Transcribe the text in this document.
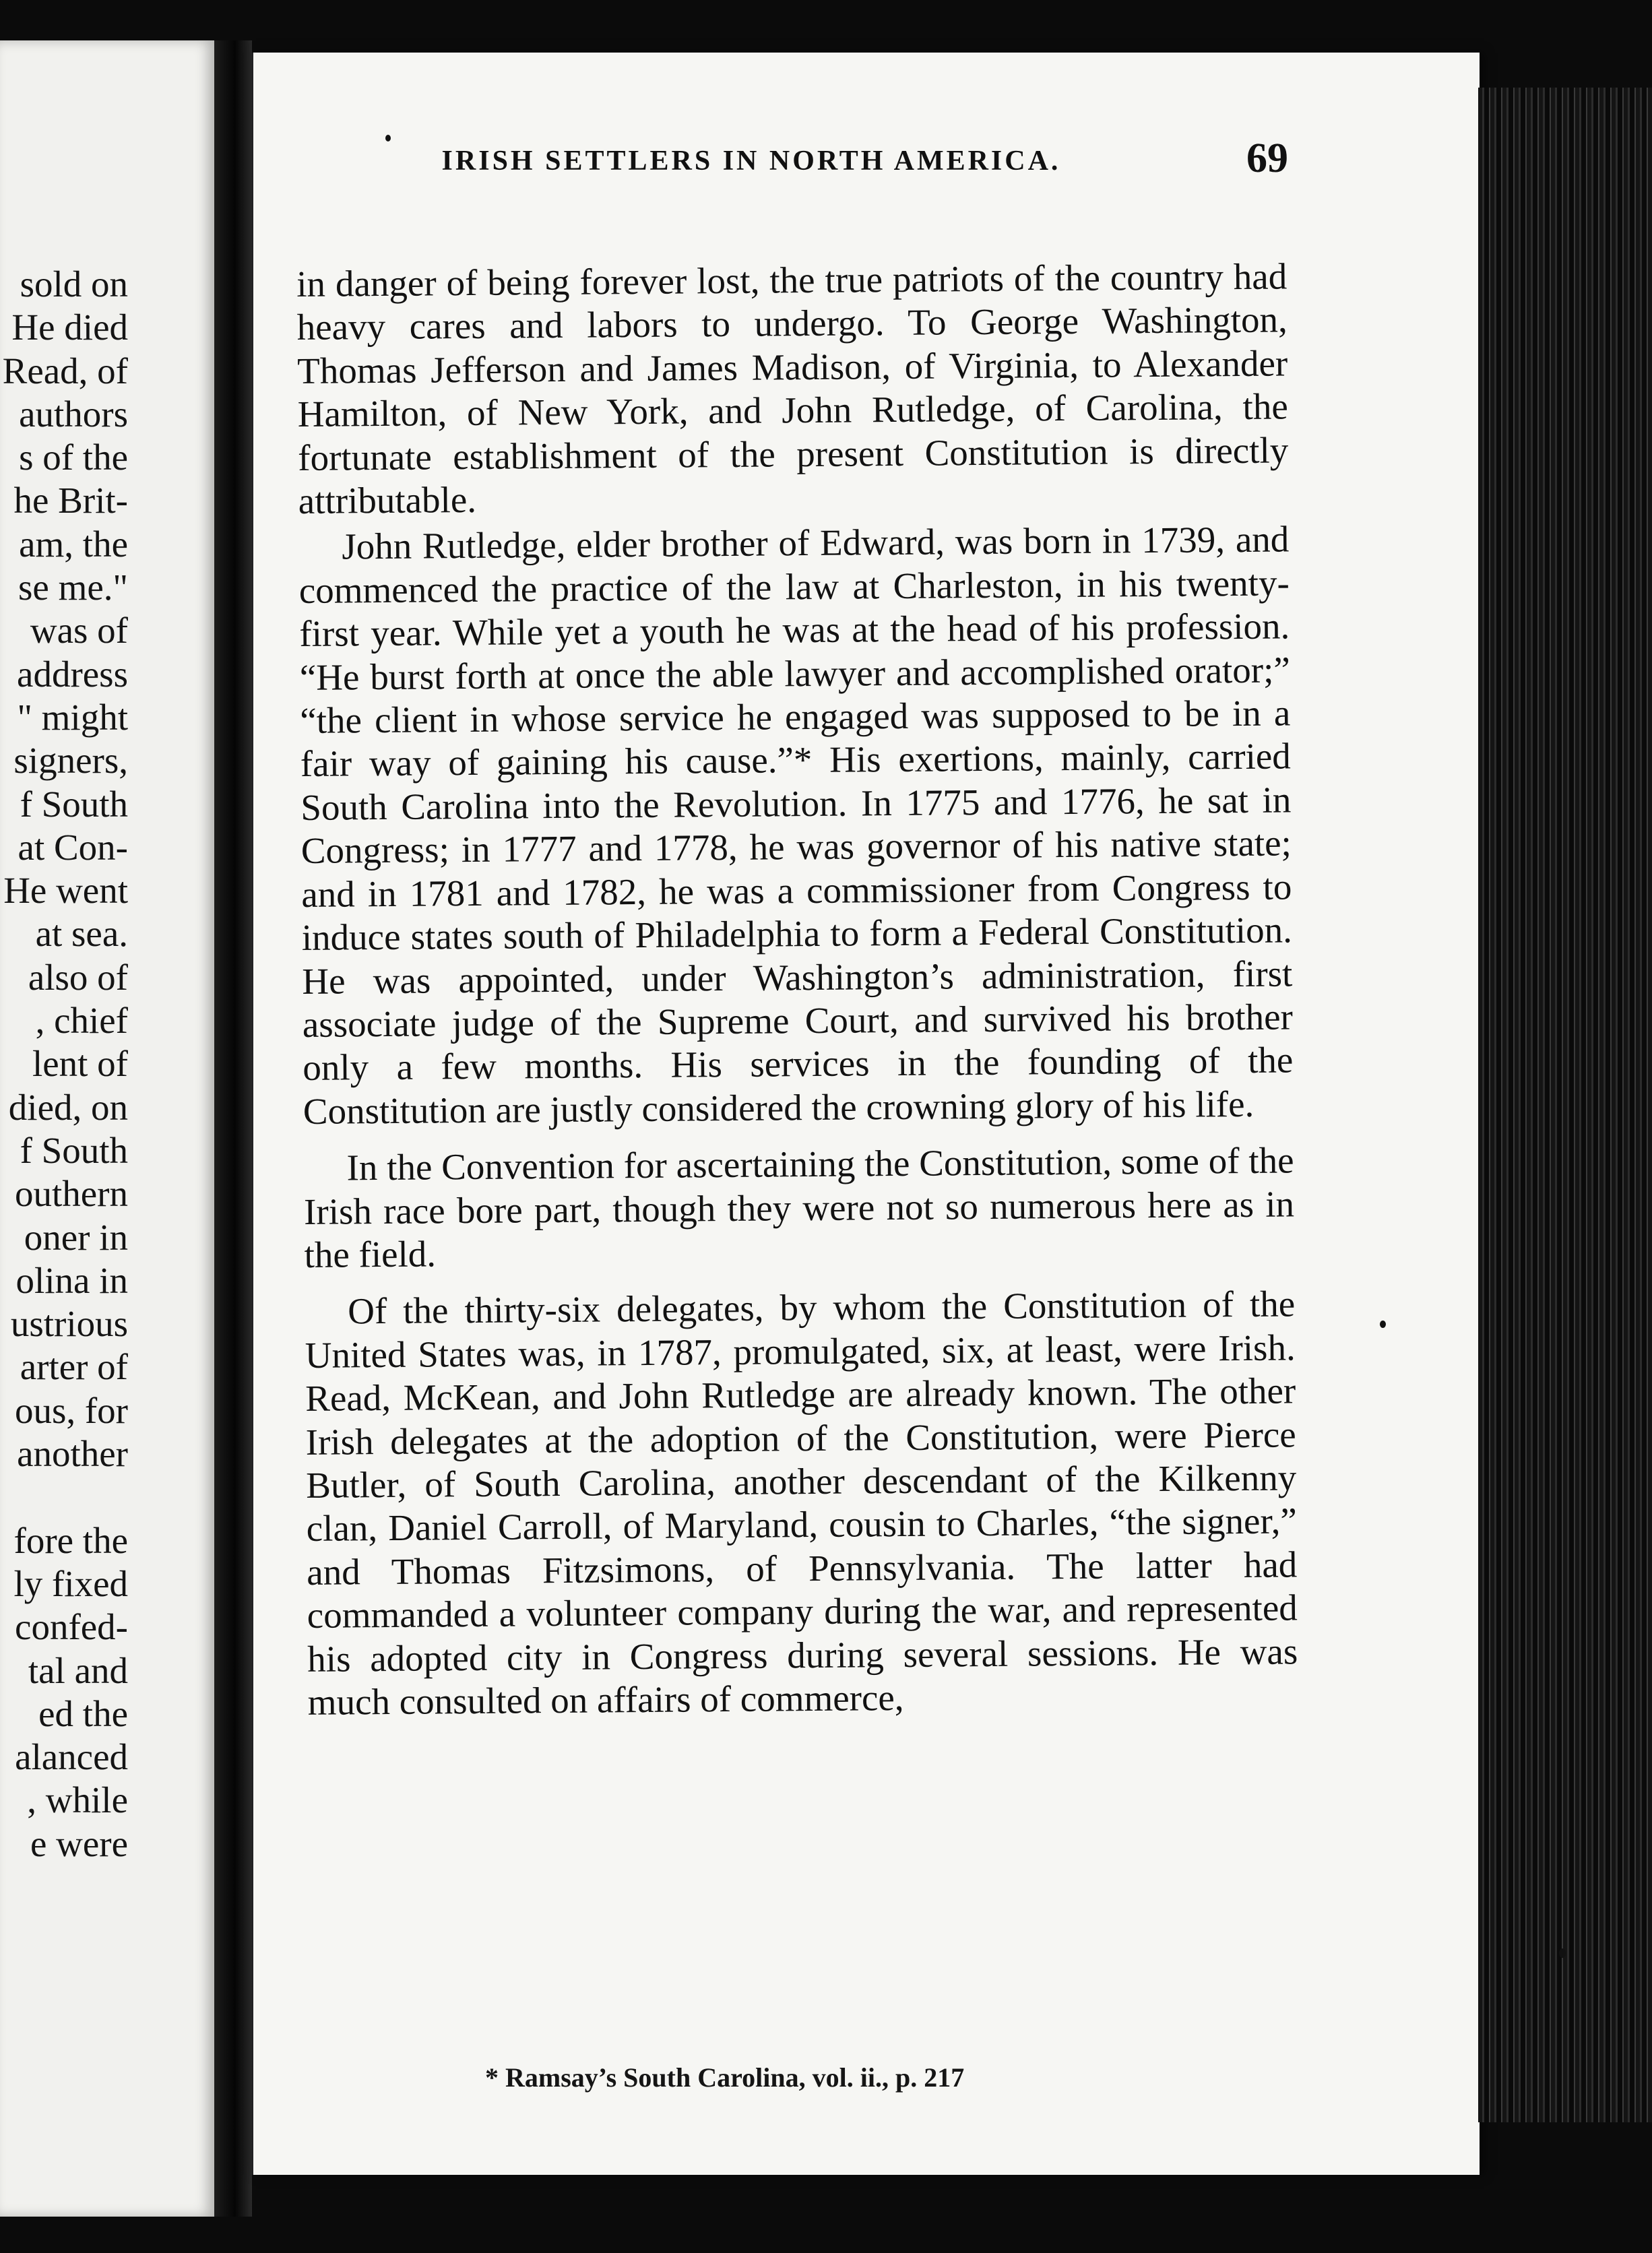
sold on
He died
Read, of
authors
s of the
he Brit-
am, the
se me."
was of
address
" might
signers,
f South
at Con-
He went
at sea.
also of
, chief
lent of
died, on
f South
outhern
oner in
olina in
ustrious
arter of
ous, for
another
fore the
ly fixed
confed-
tal and
ed the
alanced
, while
e were
IRISH SETTLERS IN NORTH AMERICA.	69

in danger of being forever lost, the true patriots of the country had heavy cares and labors to undergo. To George Washington, Thomas Jefferson and James Madison, of Virginia, to Alexander Hamilton, of New York, and John Rutledge, of Carolina, the fortunate establishment of the present Constitution is directly attributable.

John Rutledge, elder brother of Edward, was born in 1739, and commenced the practice of the law at Charleston, in his twenty-first year. While yet a youth he was at the head of his profession. “He burst forth at once the able lawyer and accomplished orator;” “the client in whose service he engaged was supposed to be in a fair way of gaining his cause.”* His exertions, mainly, carried South Carolina into the Revolution. In 1775 and 1776, he sat in Congress; in 1777 and 1778, he was governor of his native state; and in 1781 and 1782, he was a commissioner from Congress to induce states south of Philadelphia to form a Federal Constitution. He was appointed, under Washington’s administration, first associate judge of the Supreme Court, and survived his brother only a few months. His services in the founding of the Constitution are justly considered the crowning glory of his life.

In the Convention for ascertaining the Constitution, some of the Irish race bore part, though they were not so numerous here as in the field.

Of the thirty-six delegates, by whom the Constitution of the United States was, in 1787, promulgated, six, at least, were Irish. Read, McKean, and John Rutledge are already known. The other Irish delegates at the adoption of the Constitution, were Pierce Butler, of South Carolina, another descendant of the Kilkenny clan, Daniel Carroll, of Maryland, cousin to Charles, “the signer,” and Thomas Fitzsimons, of Pennsylvania. The latter had commanded a volunteer company during the war, and represented his adopted city in Congress during several sessions. He was much consulted on affairs of commerce,

* Ramsay’s South Carolina, vol. ii., p. 217
